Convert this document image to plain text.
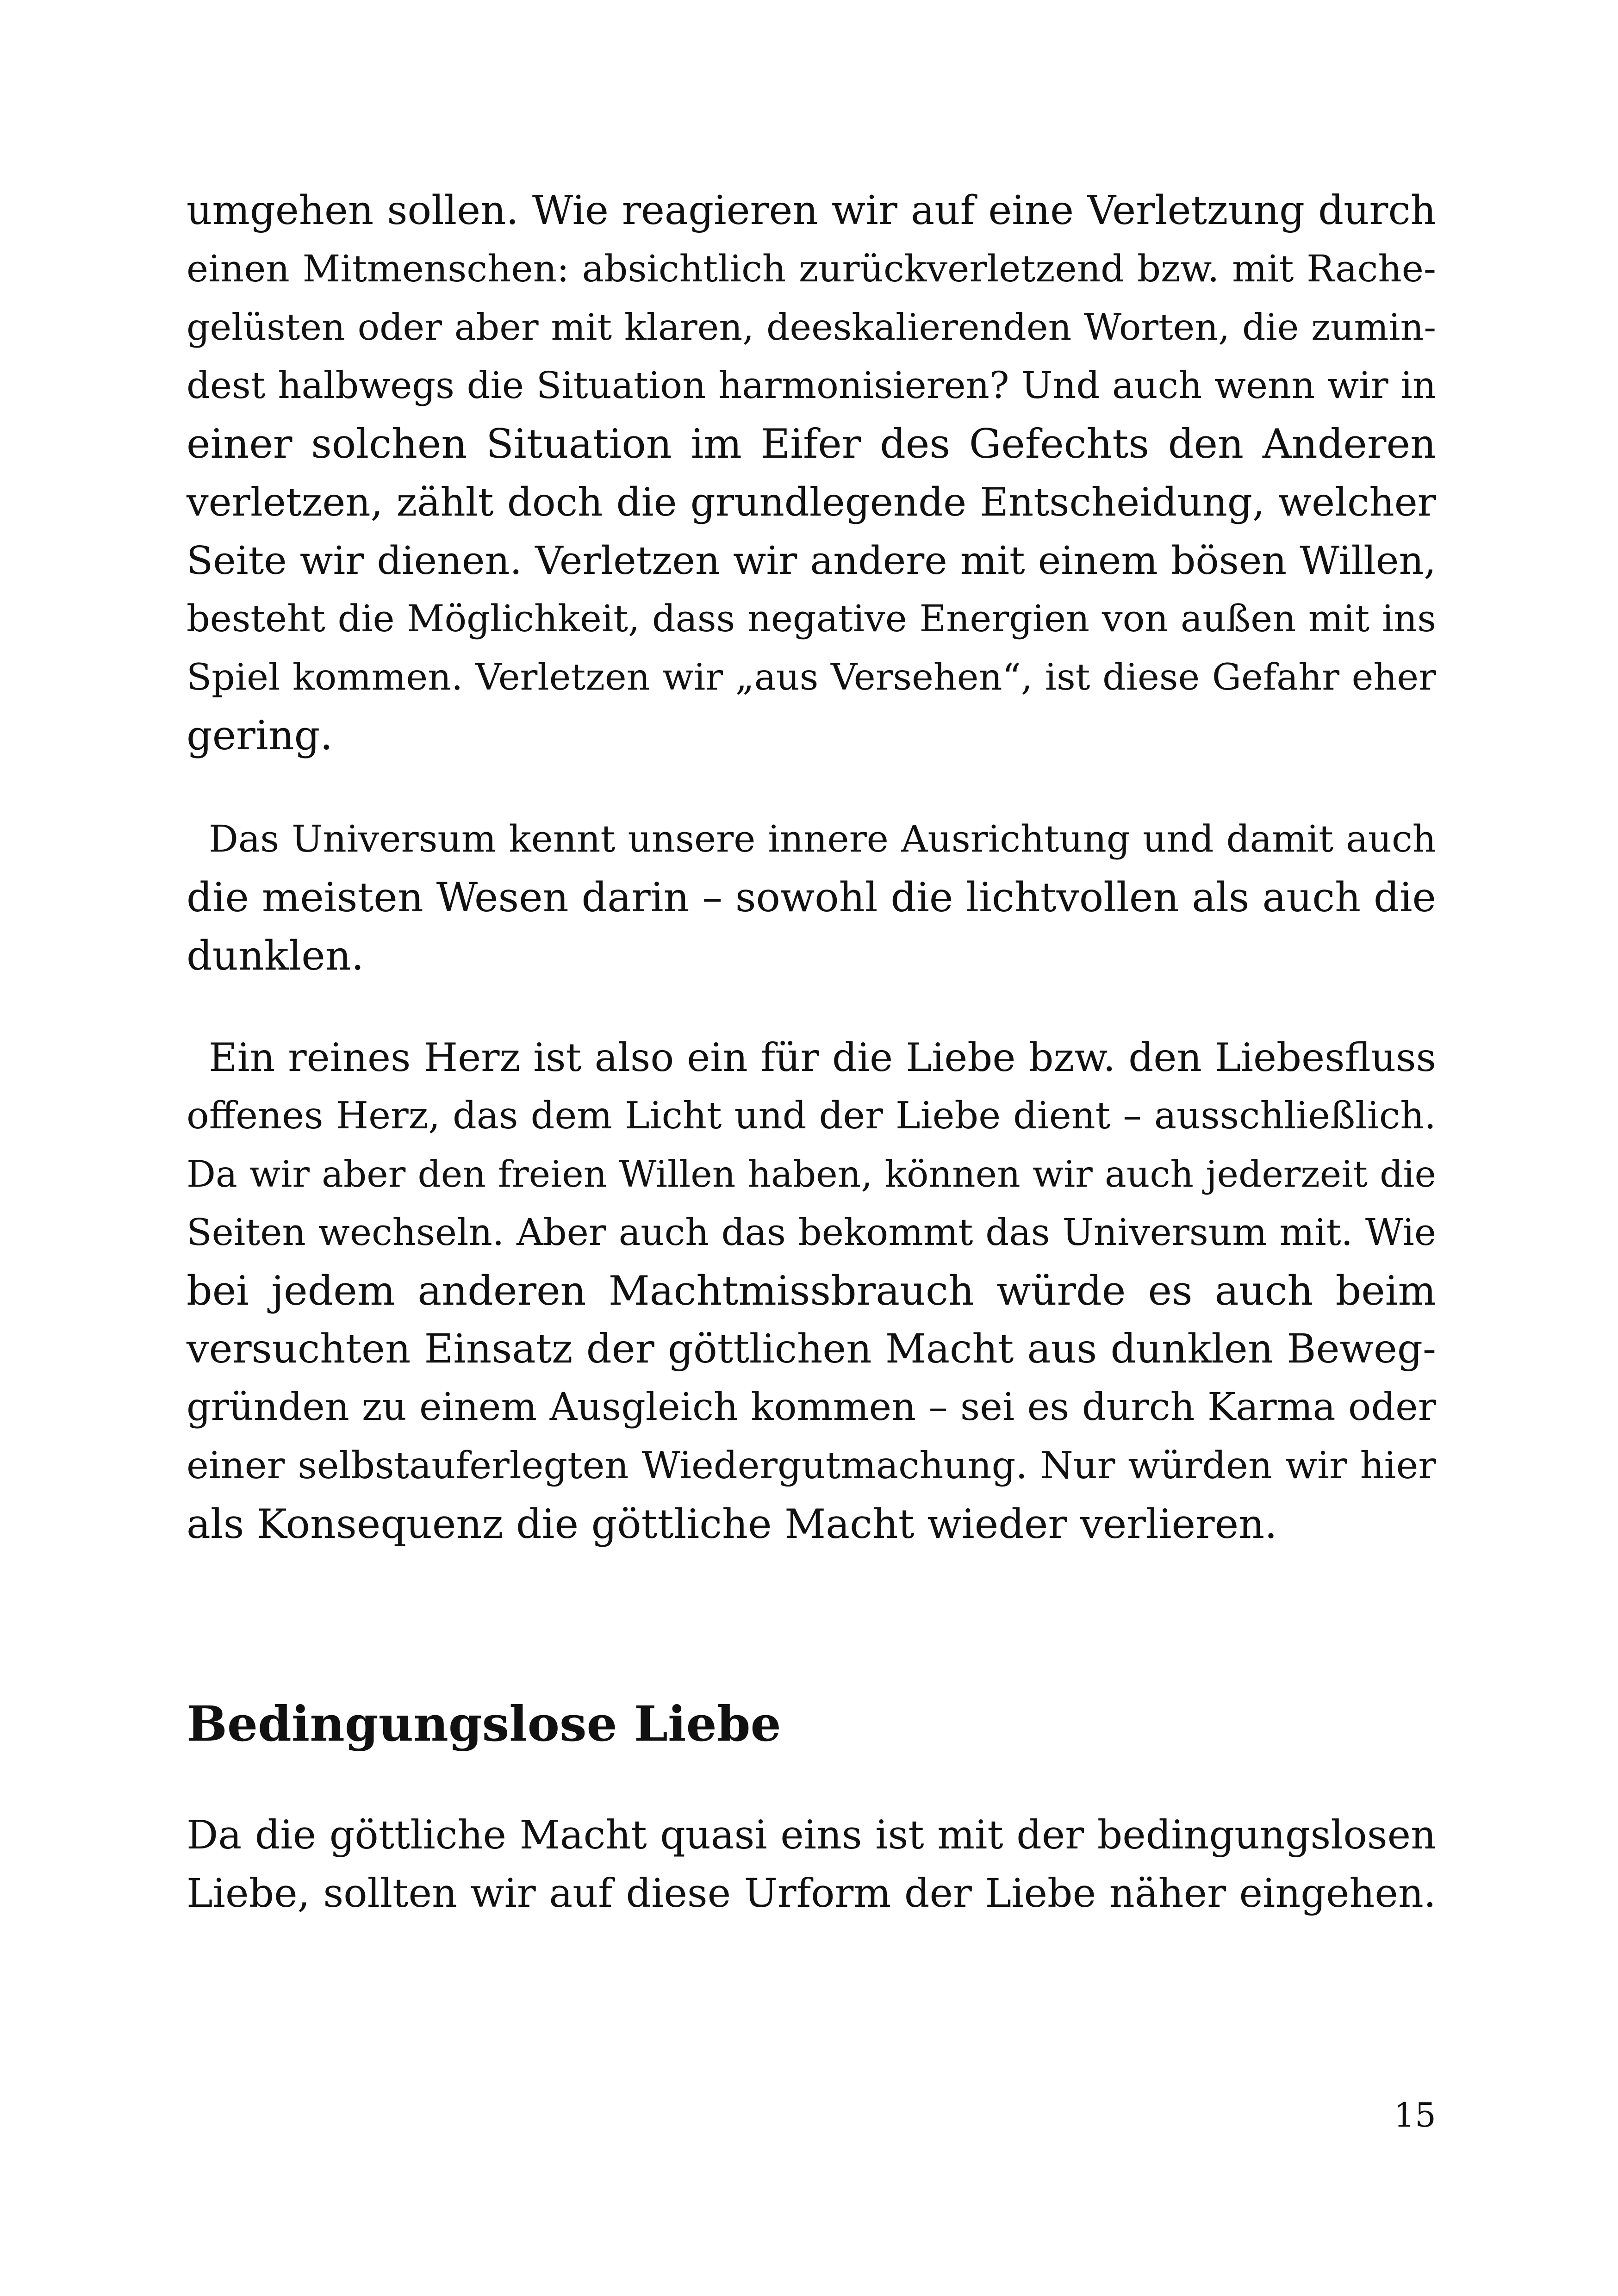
umgehen sollen. Wie reagieren wir auf eine Verletzung durch
einen Mitmenschen: absichtlich zurückverletzend bzw. mit Rache-
gelüsten oder aber mit klaren, deeskalierenden Worten, die zumin-
dest halbwegs die Situation harmonisieren? Und auch wenn wir in
einer solchen Situation im Eifer des Gefechts den Anderen
verletzen, zählt doch die grundlegende Entscheidung, welcher
Seite wir dienen. Verletzen wir andere mit einem bösen Willen,
besteht die Möglichkeit, dass negative Energien von außen mit ins
Spiel kommen. Verletzen wir „aus Versehen“, ist diese Gefahr eher
gering.
Das Universum kennt unsere innere Ausrichtung und damit auch
die meisten Wesen darin – sowohl die lichtvollen als auch die
dunklen.
Ein reines Herz ist also ein für die Liebe bzw. den Liebesfluss
offenes Herz, das dem Licht und der Liebe dient – ausschließlich.
Da wir aber den freien Willen haben, können wir auch jederzeit die
Seiten wechseln. Aber auch das bekommt das Universum mit. Wie
bei jedem anderen Machtmissbrauch würde es auch beim
versuchten Einsatz der göttlichen Macht aus dunklen Beweg-
gründen zu einem Ausgleich kommen – sei es durch Karma oder
einer selbstauferlegten Wiedergutmachung. Nur würden wir hier
als Konsequenz die göttliche Macht wieder verlieren.
Bedingungslose Liebe
Da die göttliche Macht quasi eins ist mit der bedingungslosen
Liebe, sollten wir auf diese Urform der Liebe näher eingehen.
15
